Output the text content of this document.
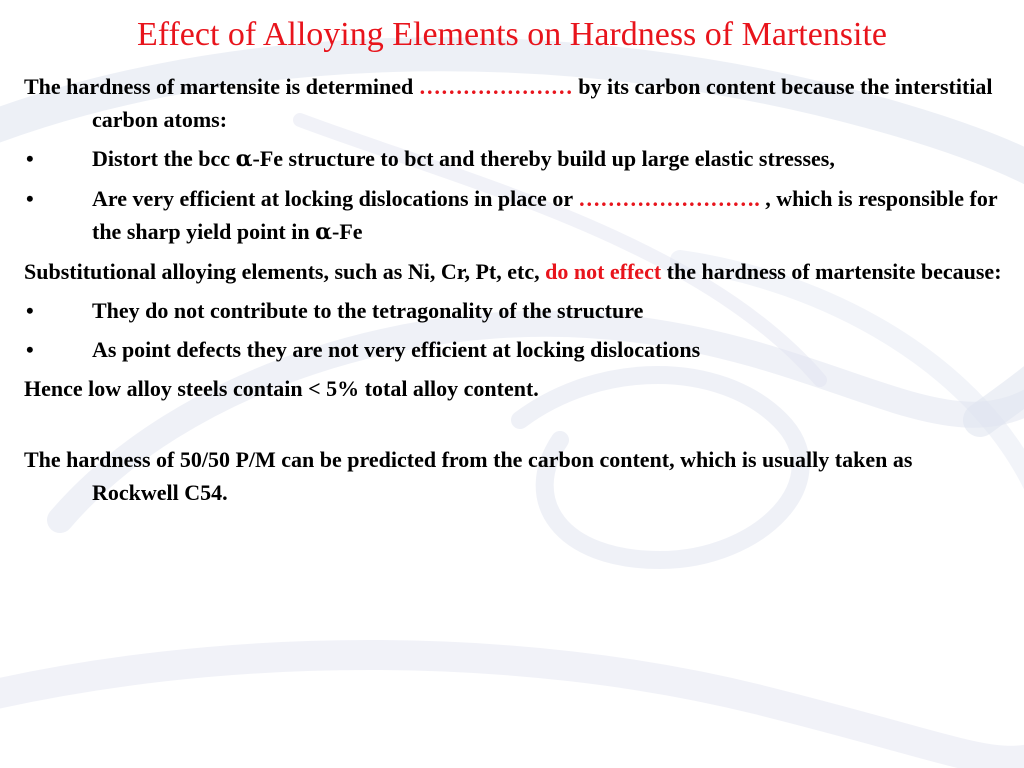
Effect of Alloying Elements on Hardness of Martensite

The hardness of martensite is determined ………………… by its carbon content because the interstitial carbon atoms:

•	Distort the bcc α-Fe structure to bct and thereby build up large elastic stresses,
•	Are very efficient at locking dislocations in place or ……………………. , which is responsible for the sharp yield point in α-Fe

Substitutional alloying elements, such as Ni, Cr, Pt, etc, do not effect the hardness of martensite because:

•	They do not contribute to the tetragonality of the structure
•	As point defects they are not very efficient at locking dislocations

Hence low alloy steels contain < 5% total alloy content.

The hardness of 50/50 P/M can be predicted from the carbon content, which is usually taken as Rockwell C54.
